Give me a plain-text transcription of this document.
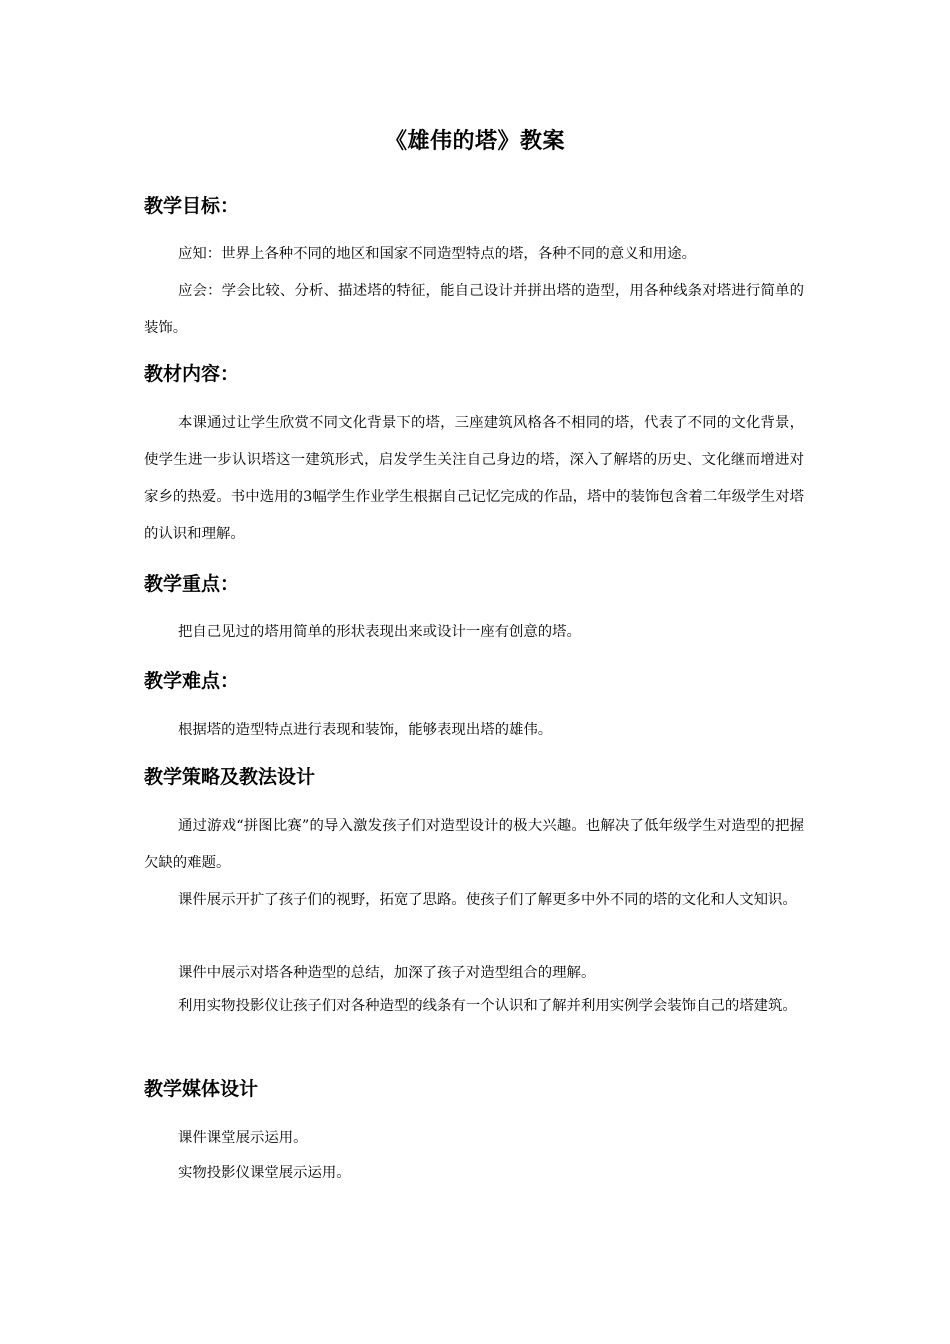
《雄伟的塔》教案
教学目标：
应知：世界上各种不同的地区和国家不同造型特点的塔，各种不同的意义和用途。
应会：学会比较、分析、描述塔的特征，能自己设计并拼出塔的造型，用各种线条对塔进行简单的装饰。
教材内容：
本课通过让学生欣赏不同文化背景下的塔，三座建筑风格各不相同的塔，代表了不同的文化背景，使学生进一步认识塔这一建筑形式，启发学生关注自己身边的塔，深入了解塔的历史、文化继而增进对家乡的热爱。书中选用的3幅学生作业学生根据自己记忆完成的作品，塔中的装饰包含着二年级学生对塔的认识和理解。
教学重点：
把自己见过的塔用简单的形状表现出来或设计一座有创意的塔。
教学难点：
根据塔的造型特点进行表现和装饰，能够表现出塔的雄伟。
教学策略及教法设计
通过游戏“拼图比赛”的导入激发孩子们对造型设计的极大兴趣。也解决了低年级学生对造型的把握欠缺的难题。
课件展示开扩了孩子们的视野，拓宽了思路。使孩子们了解更多中外不同的塔的文化和人文知识。
课件中展示对塔各种造型的总结，加深了孩子对造型组合的理解。
利用实物投影仪让孩子们对各种造型的线条有一个认识和了解并利用实例学会装饰自己的塔建筑。
教学媒体设计
课件课堂展示运用。
实物投影仪课堂展示运用。
